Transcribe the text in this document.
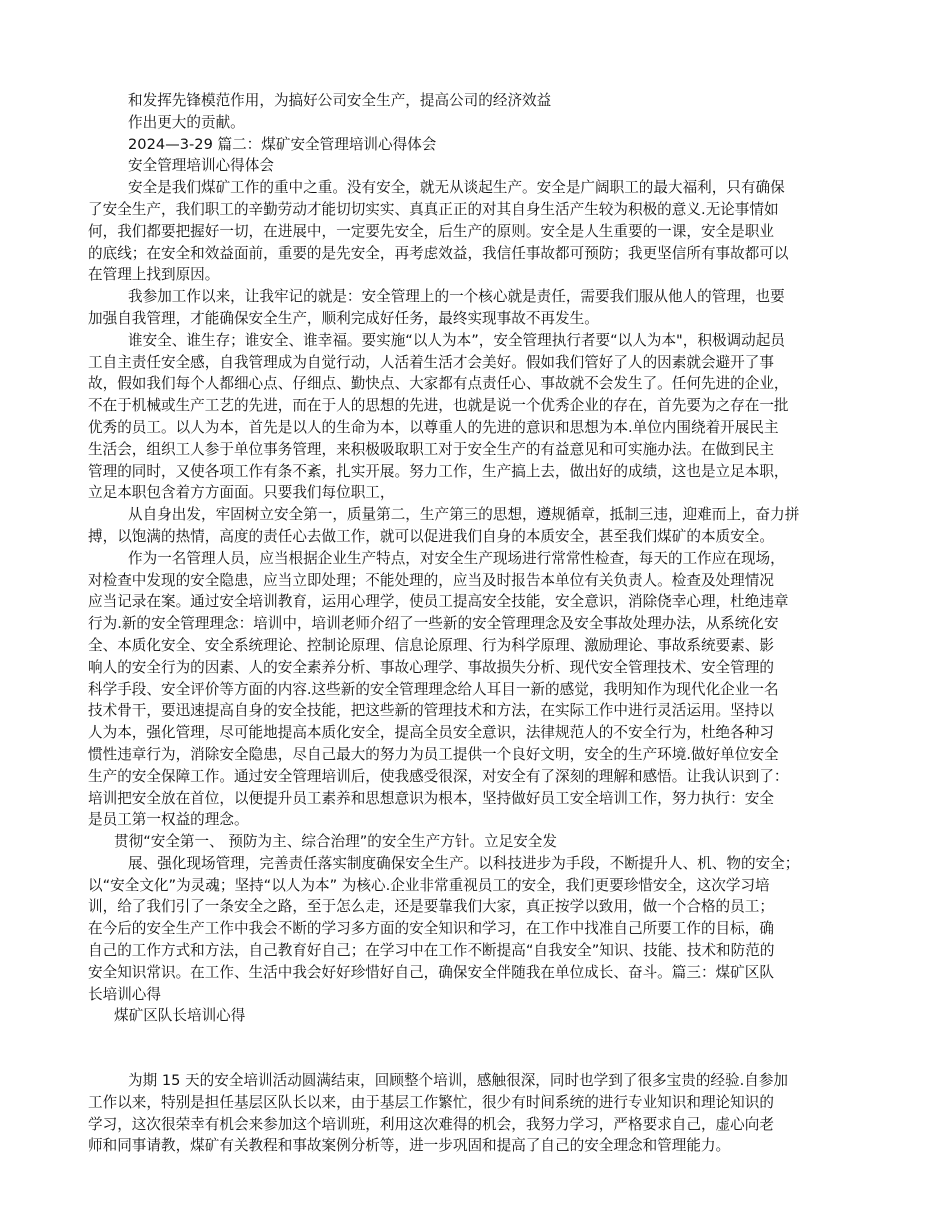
和发挥先锋模范作用，为搞好公司安全生产，提高公司的经济效益

作出更大的贡献。

2024—3-29 篇二：煤矿安全管理培训心得体会

安全管理培训心得体会

安全是我们煤矿工作的重中之重。没有安全，就无从谈起生产。安全是广阔职工的最大福利，只有确保

了安全生产，我们职工的辛勤劳动才能切切实实、真真正正的对其自身生活产生较为积极的意义.无论事情如

何，我们都要把握好一切，在进展中，一定要先安全，后生产的原则。安全是人生重要的一课，安全是职业

的底线；在安全和效益面前，重要的是先安全，再考虑效益，我信任事故都可预防；我更坚信所有事故都可以

在管理上找到原因。

我参加工作以来，让我牢记的就是：安全管理上的一个核心就是责任，需要我们服从他人的管理，也要

加强自我管理，才能确保安全生产，顺利完成好任务，最终实现事故不再发生。

谁安全、谁生存；谁安全、谁幸福。要实施“以人为本”，安全管理执行者要“以人为本"，积极调动起员

工自主责任安全感，自我管理成为自觉行动，人活着生活才会美好。假如我们管好了人的因素就会避开了事

故，假如我们每个人都细心点、仔细点、勤快点、大家都有点责任心、事故就不会发生了。任何先进的企业，

不在于机械或生产工艺的先进，而在于人的思想的先进，也就是说一个优秀企业的存在，首先要为之存在一批

优秀的员工。以人为本，首先是以人的生命为本，以尊重人的先进的意识和思想为本.单位内围绕着开展民主

生活会，组织工人参于单位事务管理，来积极吸取职工对于安全生产的有益意见和可实施办法。在做到民主

管理的同时，又使各项工作有条不紊，扎实开展。努力工作，生产搞上去，做出好的成绩，这也是立足本职，

立足本职包含着方方面面。只要我们每位职工，

从自身出发，牢固树立安全第一，质量第二，生产第三的思想，遵规循章，抵制三违，迎难而上，奋力拼

搏，以饱满的热情，高度的责任心去做工作，就可以促进我们自身的本质安全，甚至我们煤矿的本质安全。

作为一名管理人员，应当根据企业生产特点，对安全生产现场进行常常性检查，每天的工作应在现场，

对检查中发现的安全隐患，应当立即处理；不能处理的，应当及时报告本单位有关负责人。检查及处理情况

应当记录在案。通过安全培训教育，运用心理学，使员工提高安全技能，安全意识，消除侥幸心理，杜绝违章

行为.新的安全管理理念：培训中，培训老师介绍了一些新的安全管理理念及安全事故处理办法，从系统化安

全、本质化安全、安全系统理论、控制论原理、信息论原理、行为科学原理、激励理论、事故系统要素、影

响人的安全行为的因素、人的安全素养分析、事故心理学、事故损失分析、现代安全管理技术、安全管理的

科学手段、安全评价等方面的内容.这些新的安全管理理念给人耳目一新的感觉，我明知作为现代化企业一名

技术骨干，要迅速提高自身的安全技能，把这些新的管理技术和方法，在实际工作中进行灵活运用。坚持以

人为本，强化管理，尽可能地提高本质化安全，提高全员安全意识，法律规范人的不安全行为，杜绝各种习

惯性违章行为，消除安全隐患，尽自己最大的努力为员工提供一个良好文明，安全的生产环境.做好单位安全

生产的安全保障工作。通过安全管理培训后，使我感受很深，对安全有了深刻的理解和感悟。让我认识到了：

培训把安全放在首位，以便提升员工素养和思想意识为根本，坚持做好员工安全培训工作，努力执行：安全

是员工第一权益的理念。

贯彻“安全第一、 预防为主、综合治理”的安全生产方针。立足安全发

展、强化现场管理，完善责任落实制度确保安全生产。以科技进步为手段，不断提升人、机、物的安全；

以“安全文化”为灵魂；坚持“以人为本” 为核心.企业非常重视员工的安全，我们更要珍惜安全，这次学习培

训，给了我们引了一条安全之路，至于怎么走，还是要靠我们大家，真正按学以致用，做一个合格的员工；

在今后的安全生产工作中我会不断的学习多方面的安全知识和学习，在工作中找准自己所要工作的目标，确

自己的工作方式和方法，自己教育好自己；在学习中在工作不断提高“自我安全”知识、技能、技术和防范的

安全知识常识。在工作、生活中我会好好珍惜好自己，确保安全伴随我在单位成长、奋斗。篇三：煤矿区队

长培训心得

煤矿区队长培训心得

为期 15 天的安全培训活动圆满结束，回顾整个培训，感触很深，同时也学到了很多宝贵的经验.自参加

工作以来，特别是担任基层区队长以来，由于基层工作繁忙，很少有时间系统的进行专业知识和理论知识的

学习，这次很荣幸有机会来参加这个培训班，利用这次难得的机会，我努力学习，严格要求自己，虚心向老

师和同事请教，煤矿有关教程和事故案例分析等，进一步巩固和提高了自己的安全理念和管理能力。
